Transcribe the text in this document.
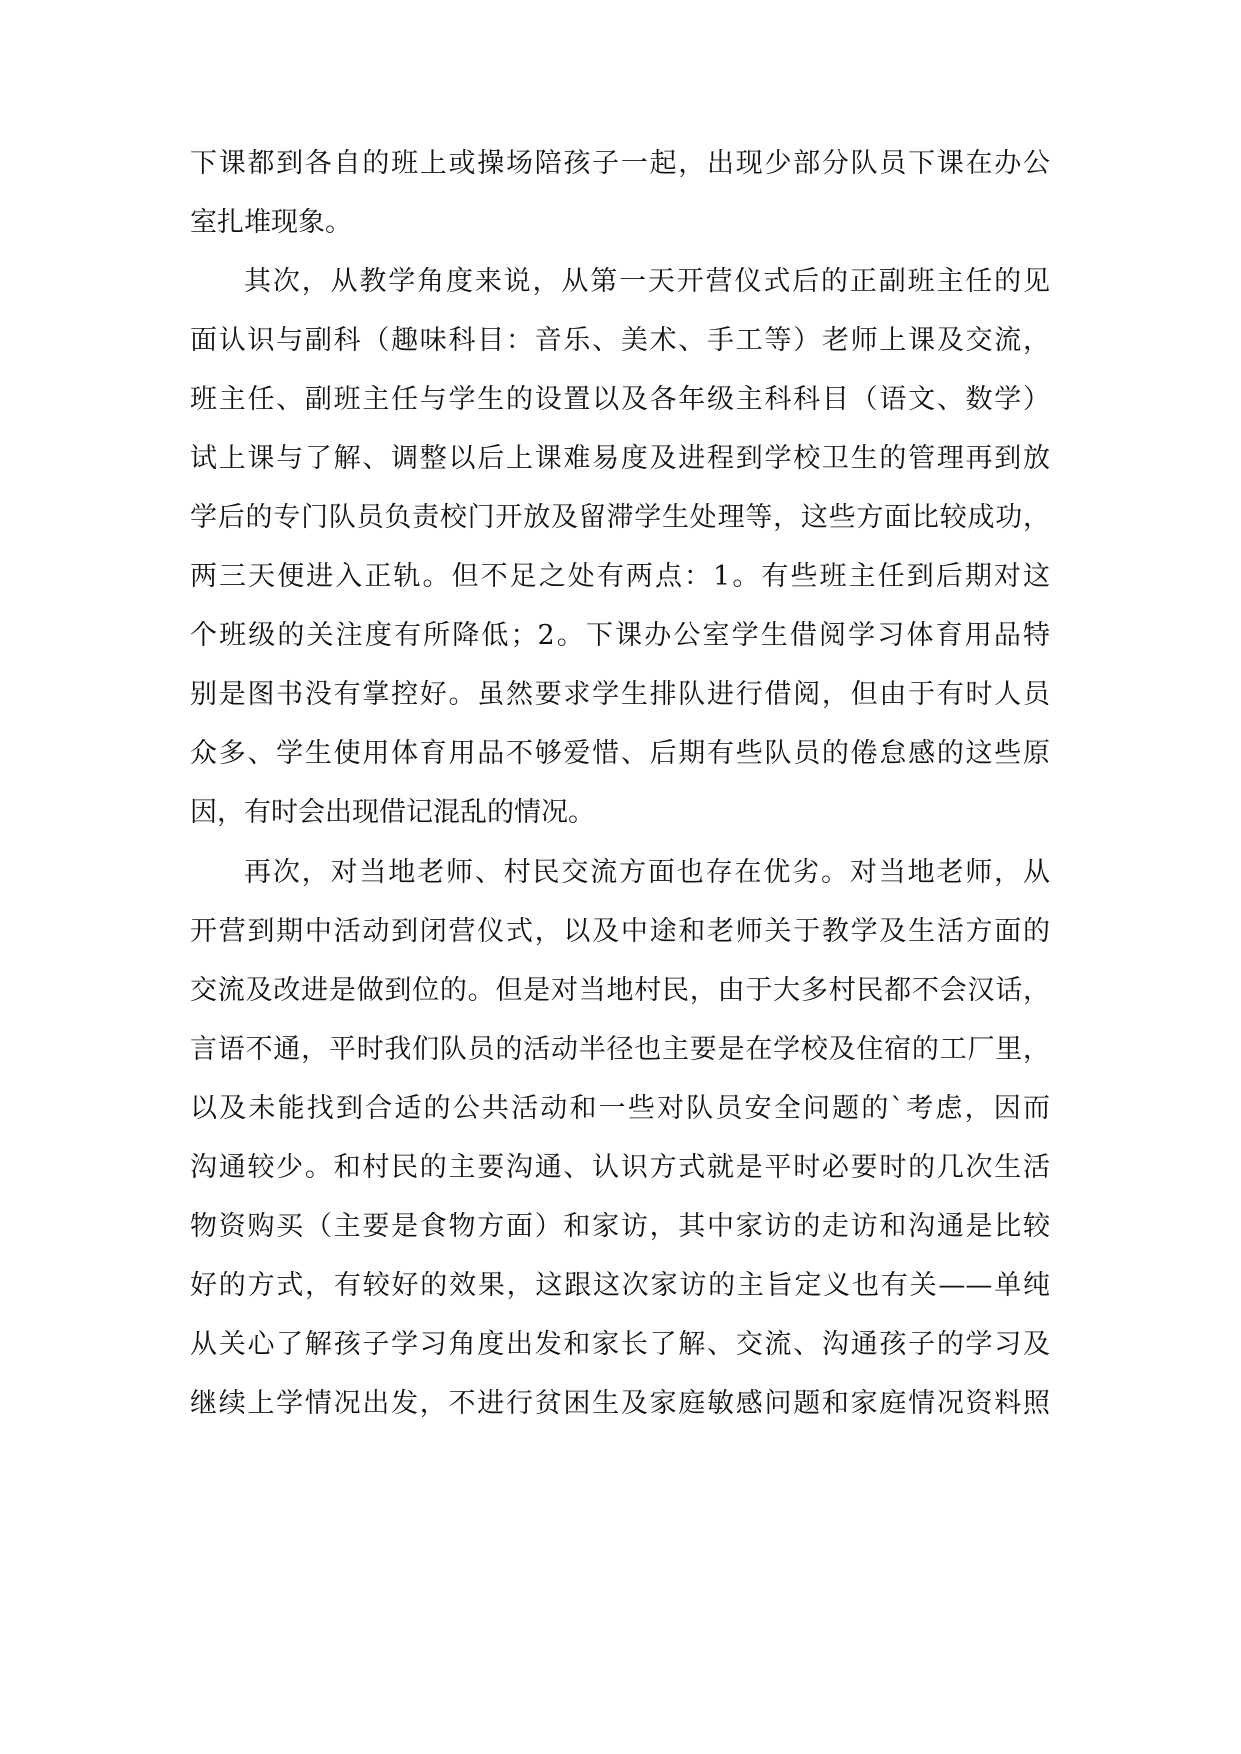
下课都到各自的班上或操场陪孩子一起，出现少部分队员下课在办公
室扎堆现象。
其次，从教学角度来说，从第一天开营仪式后的正副班主任的见
面认识与副科（趣味科目：音乐、美术、手工等）老师上课及交流，
班主任、副班主任与学生的设置以及各年级主科科目（语文、数学）
试上课与了解、调整以后上课难易度及进程到学校卫生的管理再到放
学后的专门队员负责校门开放及留滞学生处理等，这些方面比较成功，
两三天便进入正轨。但不足之处有两点：1。有些班主任到后期对这
个班级的关注度有所降低；2。下课办公室学生借阅学习体育用品特
别是图书没有掌控好。虽然要求学生排队进行借阅，但由于有时人员
众多、学生使用体育用品不够爱惜、后期有些队员的倦怠感的这些原
因，有时会出现借记混乱的情况。
再次，对当地老师、村民交流方面也存在优劣。对当地老师，从
开营到期中活动到闭营仪式，以及中途和老师关于教学及生活方面的
交流及改进是做到位的。但是对当地村民，由于大多村民都不会汉话，
言语不通，平时我们队员的活动半径也主要是在学校及住宿的工厂里，
以及未能找到合适的公共活动和一些对队员安全问题的`考虑，因而
沟通较少。和村民的主要沟通、认识方式就是平时必要时的几次生活
物资购买（主要是食物方面）和家访，其中家访的走访和沟通是比较
好的方式，有较好的效果，这跟这次家访的主旨定义也有关——单纯
从关心了解孩子学习角度出发和家长了解、交流、沟通孩子的学习及
继续上学情况出发，不进行贫困生及家庭敏感问题和家庭情况资料照
